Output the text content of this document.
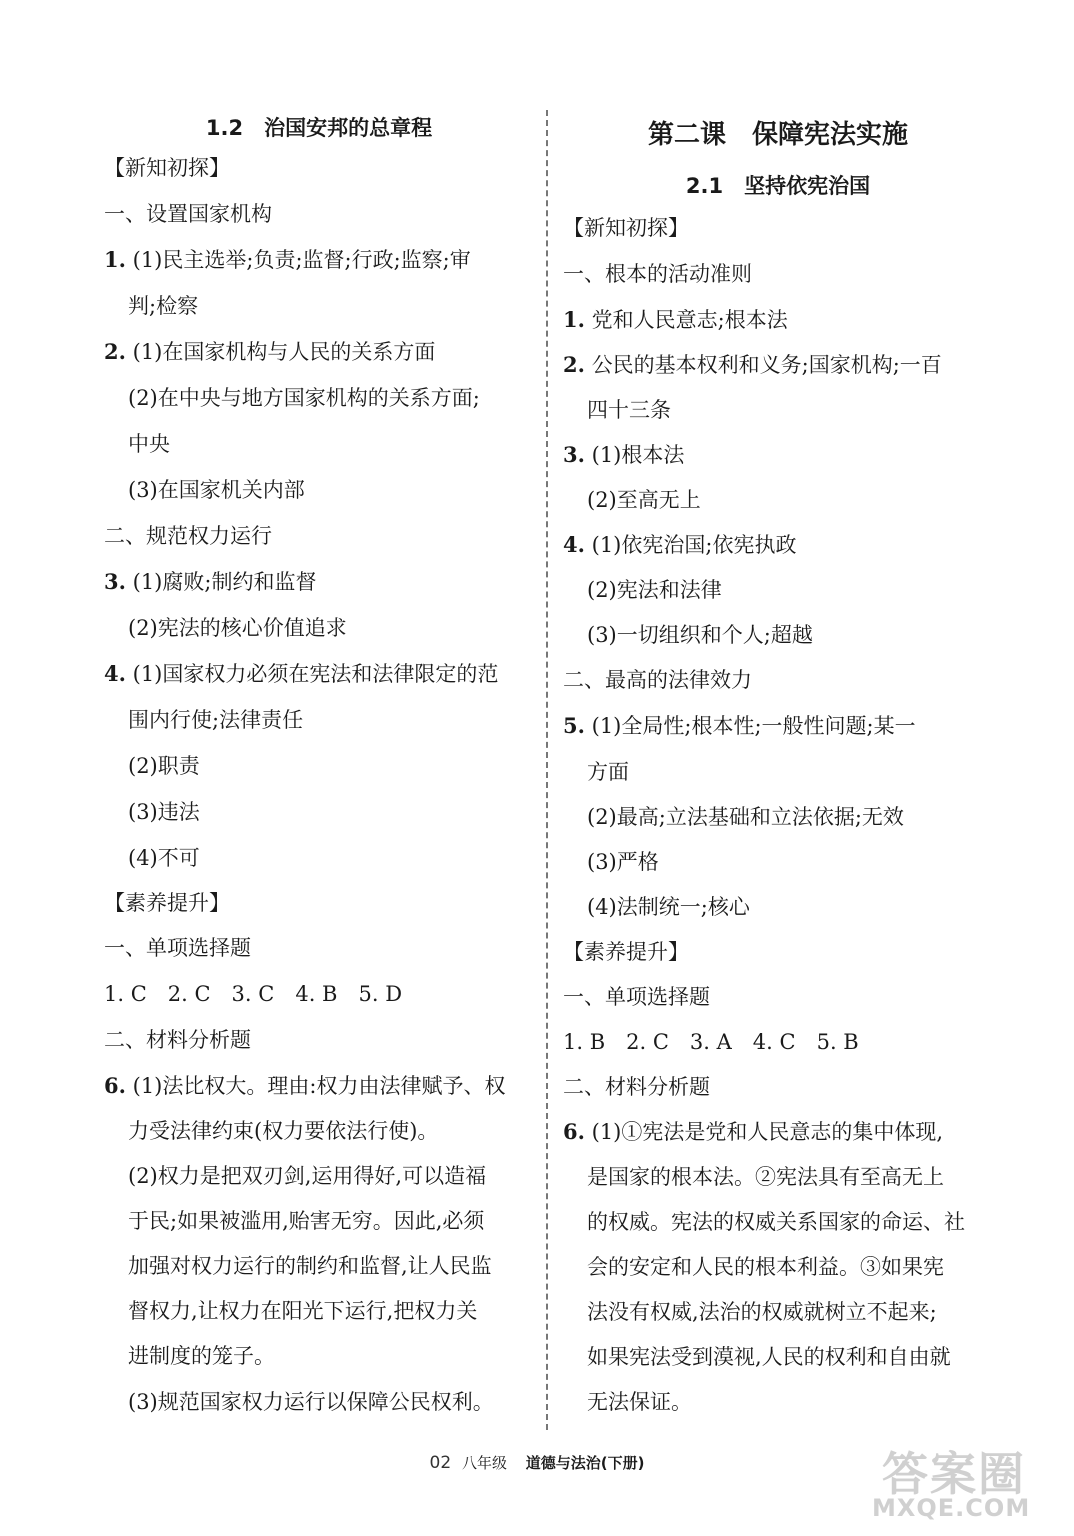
1.2　治国安邦的总章程
【新知初探】
一、设置国家机构
1. (1)民主选举;负责;监督;行政;监察;审
判;检察
2. (1)在国家机构与人民的关系方面
(2)在中央与地方国家机构的关系方面;
中央
(3)在国家机关内部
二、规范权力运行
3. (1)腐败;制约和监督
(2)宪法的核心价值追求
4. (1)国家权力必须在宪法和法律限定的范
围内行使;法律责任
(2)职责
(3)违法
(4)不可
【素养提升】
一、单项选择题
1. C　2. C　3. C　4. B　5. D
二、材料分析题
6. (1)法比权大。理由:权力由法律赋予、权
力受法律约束(权力要依法行使)。
(2)权力是把双刃剑,运用得好,可以造福
于民;如果被滥用,贻害无穷。因此,必须
加强对权力运行的制约和监督,让人民监
督权力,让权力在阳光下运行,把权力关
进制度的笼子。
(3)规范国家权力运行以保障公民权利。
第二课　保障宪法实施
2.1　坚持依宪治国
【新知初探】
一、根本的活动准则
1. 党和人民意志;根本法
2. 公民的基本权利和义务;国家机构;一百
四十三条
3. (1)根本法
(2)至高无上
4. (1)依宪治国;依宪执政
(2)宪法和法律
(3)一切组织和个人;超越
二、最高的法律效力
5. (1)全局性;根本性;一般性问题;某一
方面
(2)最高;立法基础和立法依据;无效
(3)严格
(4)法制统一;核心
【素养提升】
一、单项选择题
1. B　2. C　3. A　4. C　5. B
二、材料分析题
6. (1)①宪法是党和人民意志的集中体现,
是国家的根本法。②宪法具有至高无上
的权威。宪法的权威关系国家的命运、社
会的安定和人民的根本利益。③如果宪
法没有权威,法治的权威就树立不起来;
如果宪法受到漠视,人民的权利和自由就
无法保证。
02 八年级 道德与法治(下册)	答案圈
MXQE.COM
